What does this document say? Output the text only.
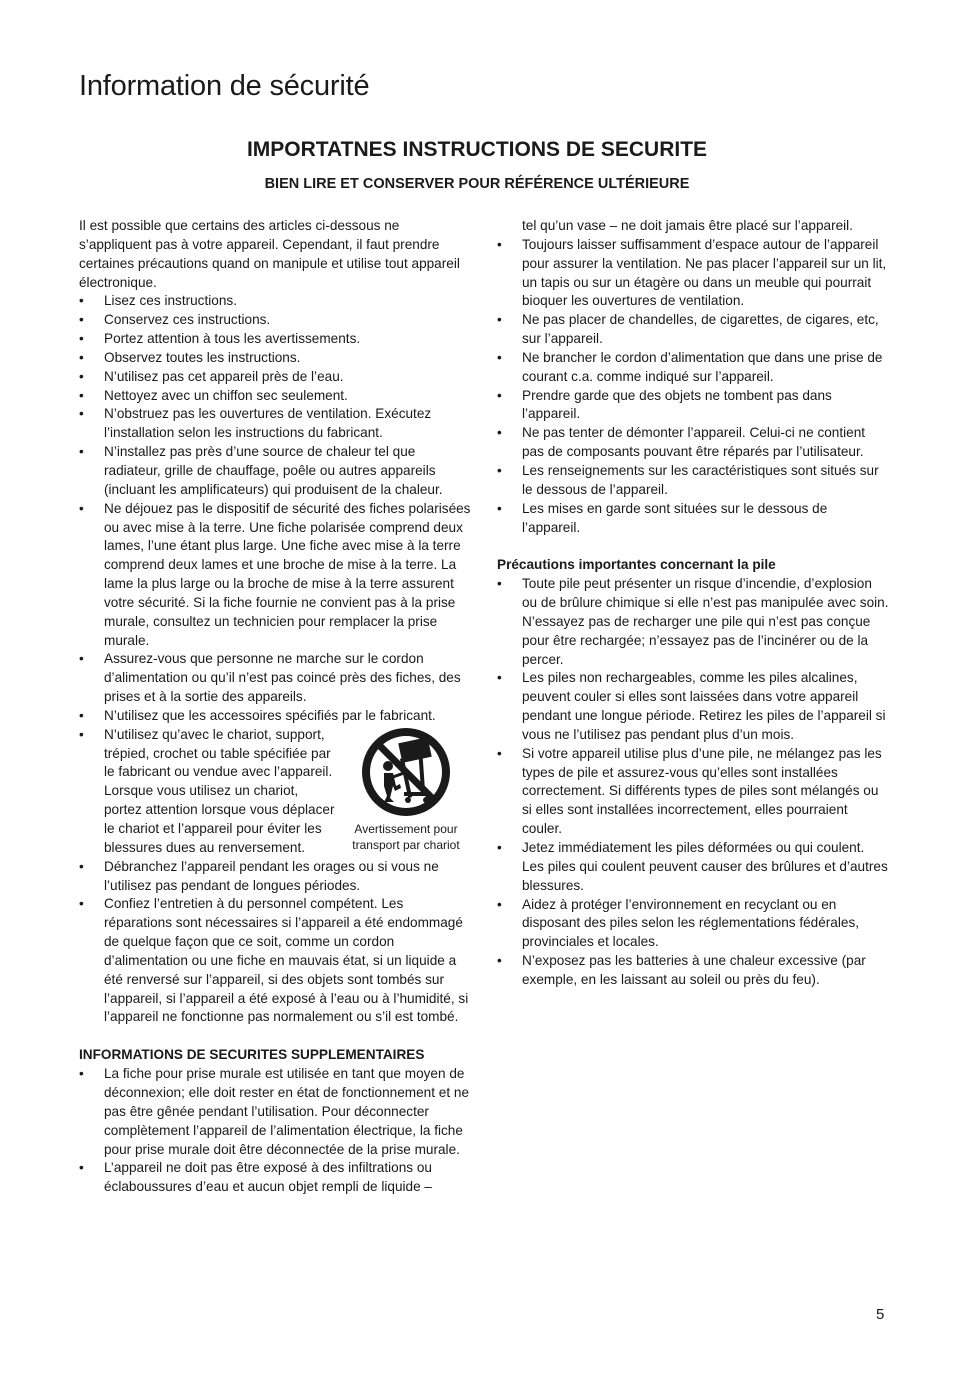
Information de sécurité
IMPORTATNES INSTRUCTIONS DE SECURITE
BIEN LIRE ET CONSERVER POUR RÉFÉRENCE ULTÉRIEURE

Il est possible que certains des articles ci-dessous ne s’appliquent pas à votre appareil. Cependant, il faut prendre certaines précautions quand on manipule et utilise tout appareil électronique.

• Lisez ces instructions.
• Conservez ces instructions.
• Portez attention à tous les avertissements.
• Observez toutes les instructions.
• N’utilisez pas cet appareil près de l’eau.
• Nettoyez avec un chiffon sec seulement.
• N’obstruez pas les ouvertures de ventilation. Exécutez l’installation selon les instructions du fabricant.
• N’installez pas près d’une source de chaleur tel que radiateur, grille de chauffage, poêle ou autres appareils (incluant les amplificateurs) qui produisent de la chaleur.
• Ne déjouez pas le dispositif de sécurité des fiches polarisées ou avec mise à la terre. Une fiche polarisée comprend deux lames, l’une étant plus large. Une fiche avec mise à la terre comprend deux lames et une broche de mise à la terre. La lame la plus large ou la broche de mise à la terre assurent votre sécurité. Si la fiche fournie ne convient pas à la prise murale, consultez un technicien pour remplacer la prise murale.
• Assurez-vous que personne ne marche sur le cordon d’alimentation ou qu’il n’est pas coincé près des fiches, des prises et à la sortie des appareils.
• N’utilisez que les accessoires spécifiés par le fabricant.
• Avertissement pour transport par chariot
N’utilisez qu’avec le chariot, support, trépied, crochet ou table spécifiée par le fabricant ou vendue avec l’appareil. Lorsque vous utilisez un chariot, portez attention lorsque vous déplacer le chariot et l’appareil pour éviter les blessures dues au renversement.
• Débranchez l’appareil pendant les orages ou si vous ne l’utilisez pas pendant de longues périodes.
• Confiez l’entretien à du personnel compétent. Les réparations sont nécessaires si l’appareil a été endommagé de quelque façon que ce soit, comme un cordon d’alimentation ou une fiche en mauvais état, si un liquide a été renversé sur l’appareil, si des objets sont tombés sur l’appareil, si l’appareil a été exposé à l’eau ou à l’humidité, si l’appareil ne fonctionne pas normalement ou s’il est tombé.

INFORMATIONS DE SECURITES SUPPLEMENTAIRES

• La fiche pour prise murale est utilisée en tant que moyen de déconnexion; elle doit rester en état de fonctionnement et ne pas être gênée pendant l’utilisation. Pour déconnecter complètement l’appareil de l’alimentation électrique, la fiche pour prise murale doit être déconnectée de la prise murale.
• L’appareil ne doit pas être exposé à des infiltrations ou éclaboussures d’eau et aucun objet rempli de liquide –

tel qu’un vase – ne doit jamais être placé sur l’appareil.

• Toujours laisser suffisamment d’espace autour de l’appareil pour assurer la ventilation. Ne pas placer l’appareil sur un lit, un tapis ou sur un étagère ou dans un meuble qui pourrait bioquer les ouvertures de ventilation.
• Ne pas placer de chandelles, de cigarettes, de cigares, etc, sur l’appareil.
• Ne brancher le cordon d’alimentation que dans une prise de courant c.a. comme indiqué sur l’appareil.
• Prendre garde que des objets ne tombent pas dans l’appareil.
• Ne pas tenter de démonter l’appareil. Celui-ci ne contient pas de composants pouvant être réparés par l’utilisateur.
• Les renseignements sur les caractéristiques sont situés sur le dessous de l’appareil.
• Les mises en garde sont situées sur le dessous de l’appareil.

Précautions importantes concernant la pile

• Toute pile peut présenter un risque d’incendie, d’explosion ou de brûlure chimique si elle n’est pas manipulée avec soin. N’essayez pas de recharger une pile qui n’est pas conçue pour être rechargée; n’essayez pas de l’incinérer ou de la percer.
• Les piles non rechargeables, comme les piles alcalines, peuvent couler si elles sont laissées dans votre appareil pendant une longue période. Retirez les piles de l’appareil si vous ne l’utilisez pas pendant plus d’un mois.
• Si votre appareil utilise plus d’une pile, ne mélangez pas les types de pile et assurez-vous qu’elles sont installées correctement. Si différents types de piles sont mélangés ou si elles sont installées incorrectement, elles pourraient couler.
• Jetez immédiatement les piles déformées ou qui coulent. Les piles qui coulent peuvent causer des brûlures et d’autres blessures.
• Aidez à protéger l’environnement en recyclant ou en disposant des piles selon les réglementations fédérales, provinciales et locales.
• N’exposez pas les batteries à une chaleur excessive (par exemple, en les laissant au soleil ou près du feu).
5
